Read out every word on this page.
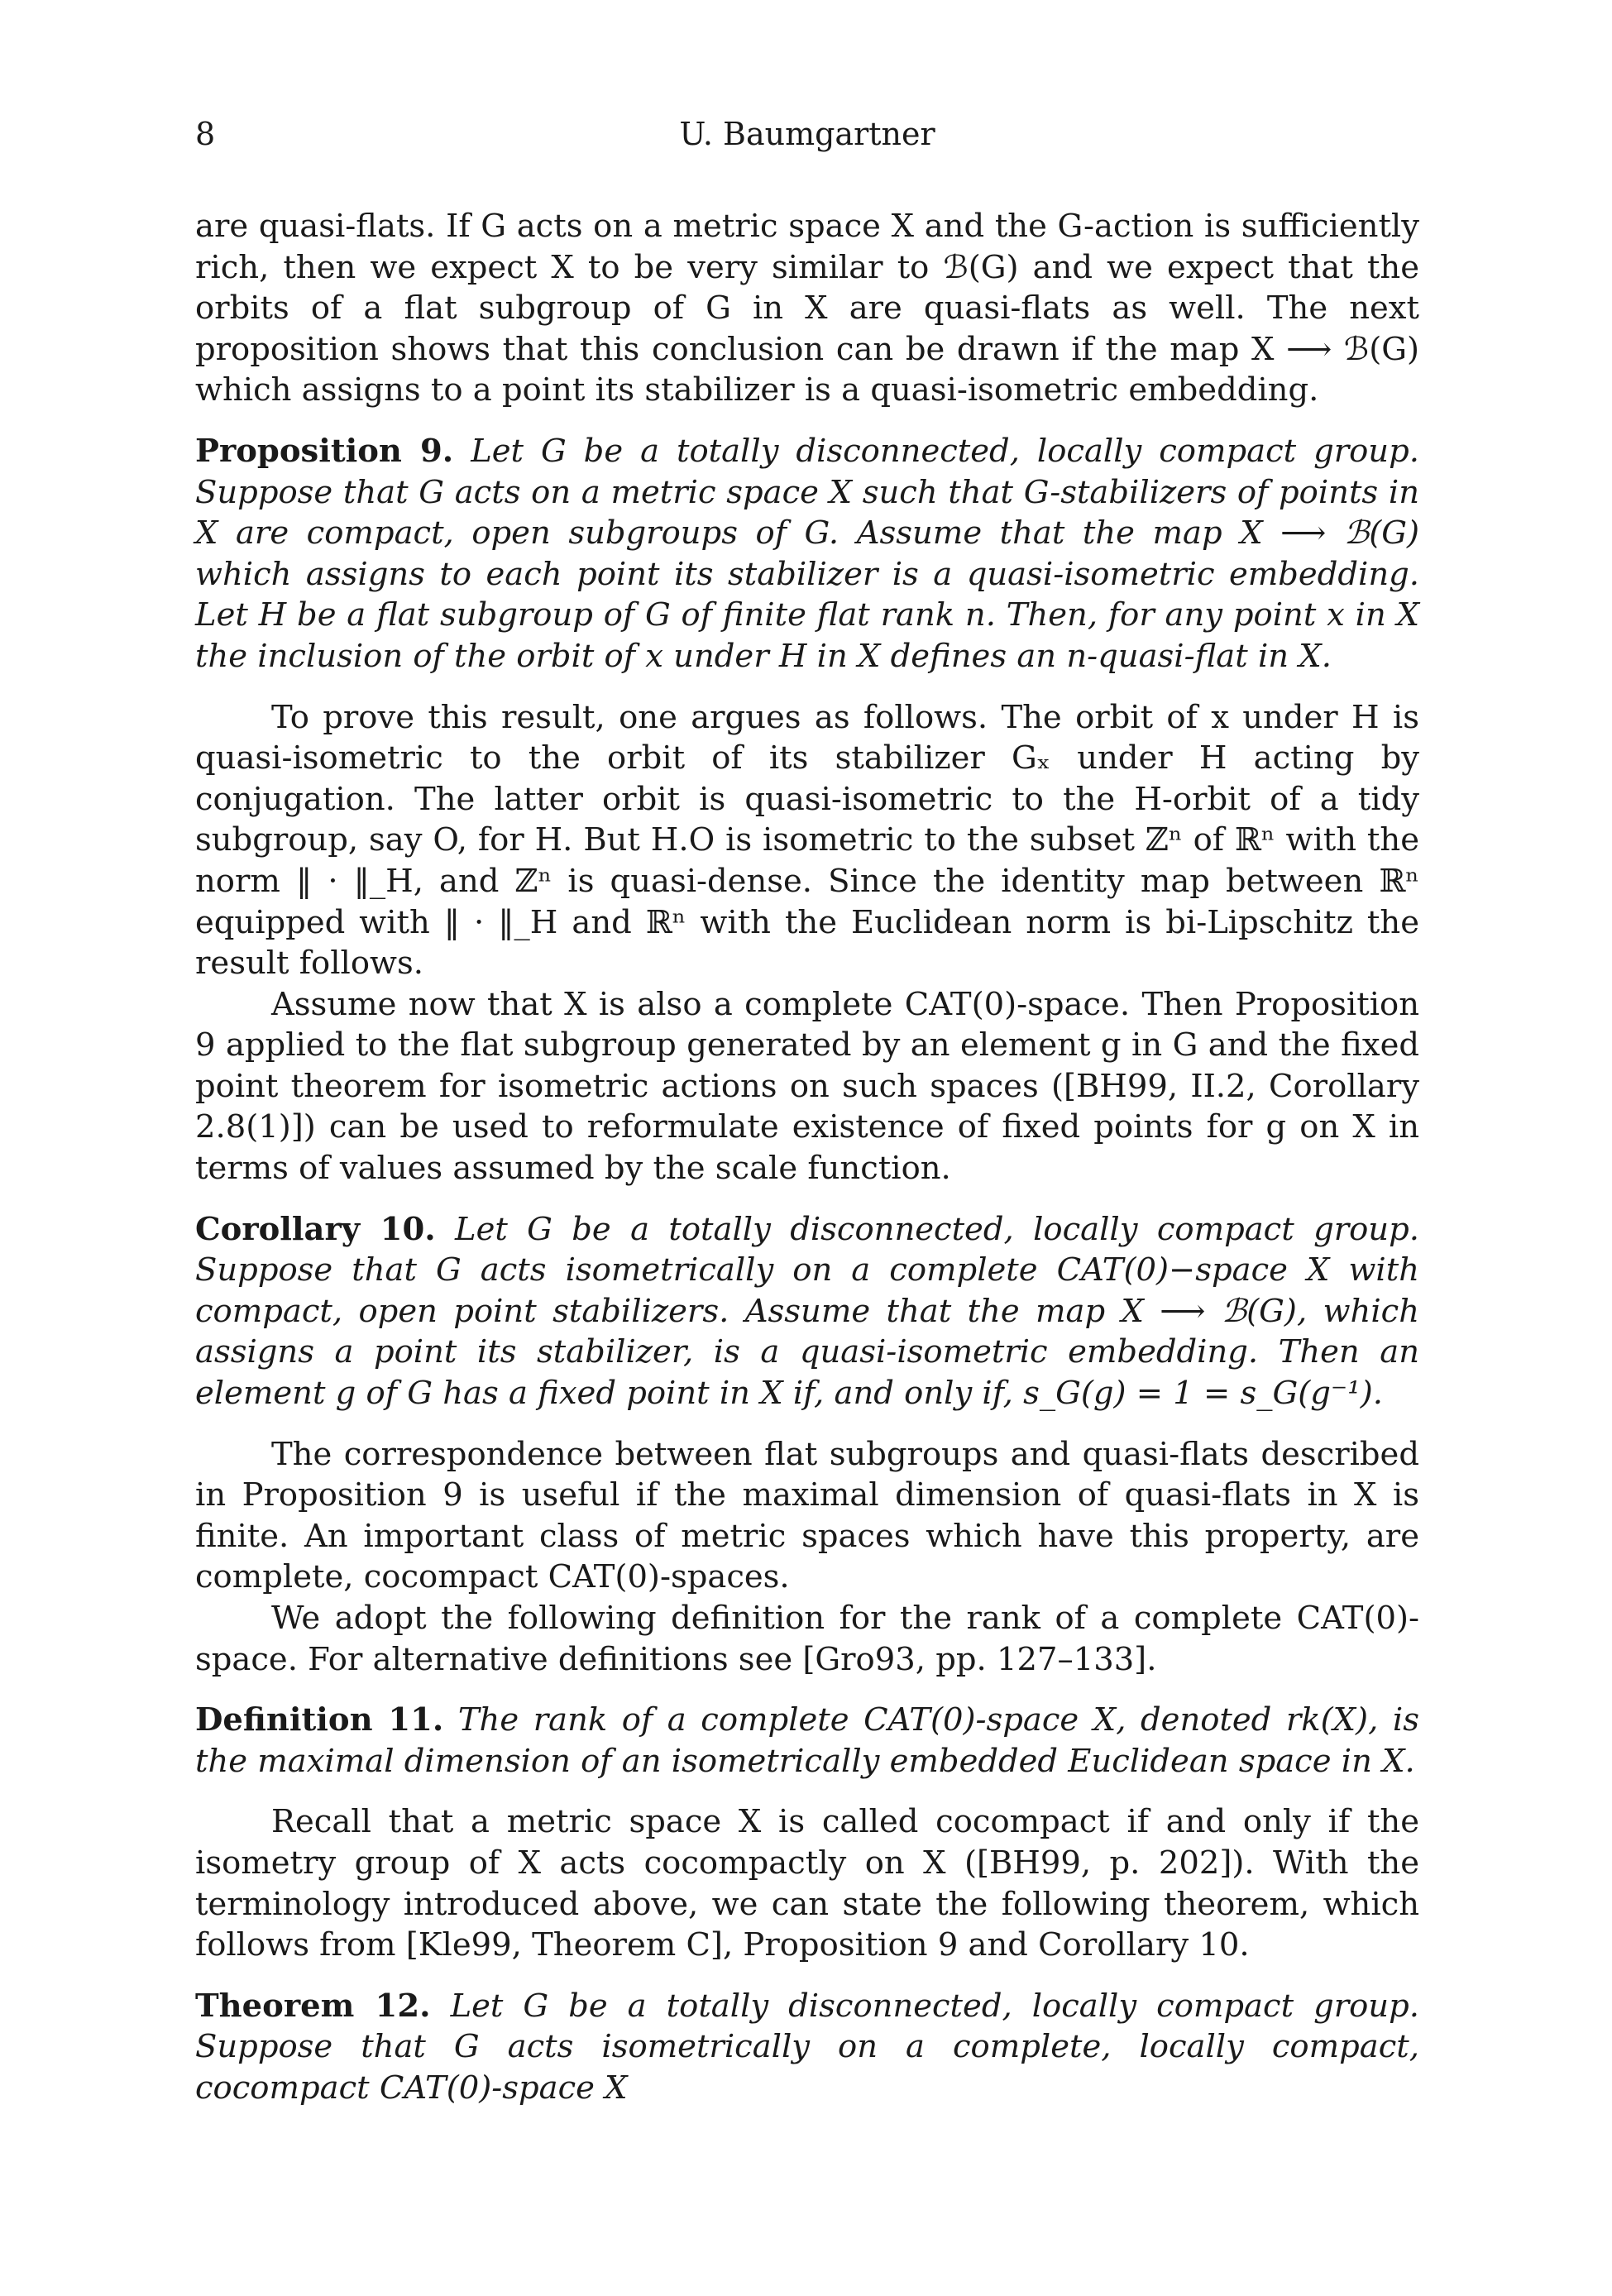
8	U. Baumgartner

are quasi-flats. If G acts on a metric space X and the G-action is sufficiently rich, then we expect X to be very similar to ℬ(G) and we expect that the orbits of a flat subgroup of G in X are quasi-flats as well. The next proposition shows that this conclusion can be drawn if the map X ⟶ ℬ(G) which assigns to a point its stabilizer is a quasi-isometric embedding.

Proposition 9. Let G be a totally disconnected, locally compact group. Suppose that G acts on a metric space X such that G-stabilizers of points in X are compact, open subgroups of G. Assume that the map X ⟶ ℬ(G) which assigns to each point its stabilizer is a quasi-isometric embedding. Let H be a flat subgroup of G of finite flat rank n. Then, for any point x in X the inclusion of the orbit of x under H in X defines an n-quasi-flat in X.

To prove this result, one argues as follows. The orbit of x under H is quasi-isometric to the orbit of its stabilizer Gₓ under H acting by conjugation. The latter orbit is quasi-isometric to the H-orbit of a tidy subgroup, say O, for H. But H.O is isometric to the subset ℤⁿ of ℝⁿ with the norm ‖ · ‖_H, and ℤⁿ is quasi-dense. Since the identity map between ℝⁿ equipped with ‖ · ‖_H and ℝⁿ with the Euclidean norm is bi-Lipschitz the result follows.

Assume now that X is also a complete CAT(0)-space. Then Proposition 9 applied to the flat subgroup generated by an element g in G and the fixed point theorem for isometric actions on such spaces ([BH99, II.2, Corollary 2.8(1)]) can be used to reformulate existence of fixed points for g on X in terms of values assumed by the scale function.

Corollary 10. Let G be a totally disconnected, locally compact group. Suppose that G acts isometrically on a complete CAT(0)−space X with compact, open point stabilizers. Assume that the map X ⟶ ℬ(G), which assigns a point its stabilizer, is a quasi-isometric embedding. Then an element g of G has a fixed point in X if, and only if, s_G(g) = 1 = s_G(g⁻¹).

The correspondence between flat subgroups and quasi-flats described in Proposition 9 is useful if the maximal dimension of quasi-flats in X is finite. An important class of metric spaces which have this property, are complete, cocompact CAT(0)-spaces.

We adopt the following definition for the rank of a complete CAT(0)-space. For alternative definitions see [Gro93, pp. 127–133].

Definition 11. The rank of a complete CAT(0)-space X, denoted rk(X), is the maximal dimension of an isometrically embedded Euclidean space in X.

Recall that a metric space X is called cocompact if and only if the isometry group of X acts cocompactly on X ([BH99, p. 202]). With the terminology introduced above, we can state the following theorem, which follows from [Kle99, Theorem C], Proposition 9 and Corollary 10.

Theorem 12. Let G be a totally disconnected, locally compact group. Suppose that G acts isometrically on a complete, locally compact, cocompact CAT(0)-space X
